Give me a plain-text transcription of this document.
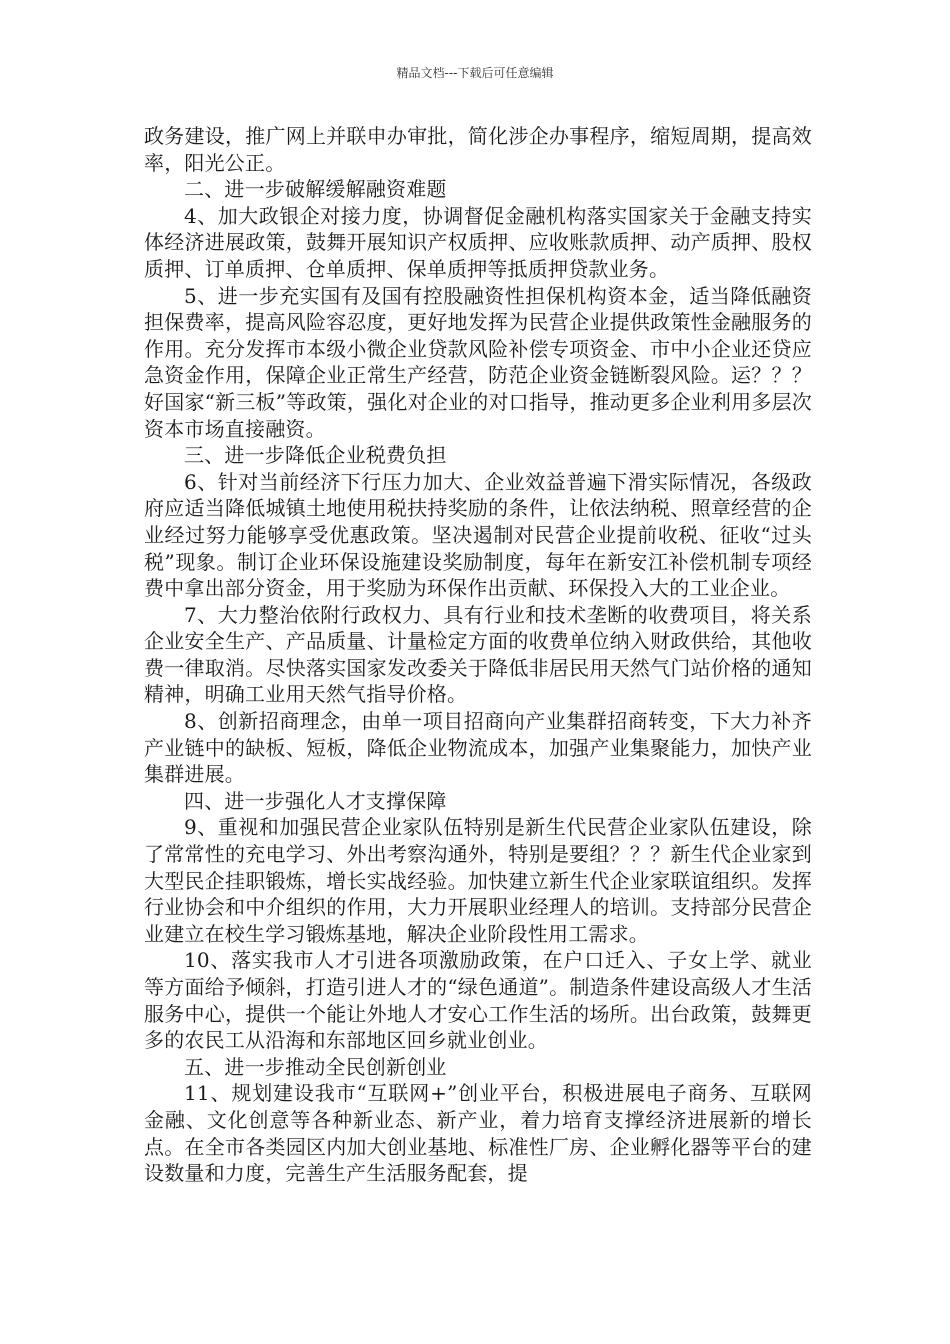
精品文档---下载后可任意编辑

政务建设，推广网上并联申办审批，简化涉企办事程序，缩短周期，提高效率，阳光公正。

二、进一步破解缓解融资难题

4、加大政银企对接力度，协调督促金融机构落实国家关于金融支持实体经济进展政策，鼓舞开展知识产权质押、应收账款质押、动产质押、股权质押、订单质押、仓单质押、保单质押等抵质押贷款业务。

5、进一步充实国有及国有控股融资性担保机构资本金，适当降低融资担保费率，提高风险容忍度，更好地发挥为民营企业提供政策性金融服务的作用。充分发挥市本级小微企业贷款风险补偿专项资金、市中小企业还贷应急资金作用，保障企业正常生产经营，防范企业资金链断裂风险。运？？？好国家“新三板”等政策，强化对企业的对口指导，推动更多企业利用多层次资本市场直接融资。

三、进一步降低企业税费负担

6、针对当前经济下行压力加大、企业效益普遍下滑实际情况，各级政府应适当降低城镇土地使用税扶持奖励的条件，让依法纳税、照章经营的企业经过努力能够享受优惠政策。坚决遏制对民营企业提前收税、征收“过头税”现象。制订企业环保设施建设奖励制度，每年在新安江补偿机制专项经费中拿出部分资金，用于奖励为环保作出贡献、环保投入大的工业企业。

7、大力整治依附行政权力、具有行业和技术垄断的收费项目，将关系企业安全生产、产品质量、计量检定方面的收费单位纳入财政供给，其他收费一律取消。尽快落实国家发改委关于降低非居民用天然气门站价格的通知精神，明确工业用天然气指导价格。

8、创新招商理念，由单一项目招商向产业集群招商转变，下大力补齐产业链中的缺板、短板，降低企业物流成本，加强产业集聚能力，加快产业集群进展。

四、进一步强化人才支撑保障

9、重视和加强民营企业家队伍特别是新生代民营企业家队伍建设，除了常常性的充电学习、外出考察沟通外，特别是要组？？？新生代企业家到大型民企挂职锻炼，增长实战经验。加快建立新生代企业家联谊组织。发挥行业协会和中介组织的作用，大力开展职业经理人的培训。支持部分民营企业建立在校生学习锻炼基地，解决企业阶段性用工需求。

10、落实我市人才引进各项激励政策，在户口迁入、子女上学、就业等方面给予倾斜，打造引进人才的“绿色通道”。制造条件建设高级人才生活服务中心，提供一个能让外地人才安心工作生活的场所。出台政策，鼓舞更多的农民工从沿海和东部地区回乡就业创业。

五、进一步推动全民创新创业

11、规划建设我市“互联网+”创业平台，积极进展电子商务、互联网金融、文化创意等各种新业态、新产业，着力培育支撑经济进展新的增长点。在全市各类园区内加大创业基地、标准性厂房、企业孵化器等平台的建设数量和力度，完善生产生活服务配套，提
